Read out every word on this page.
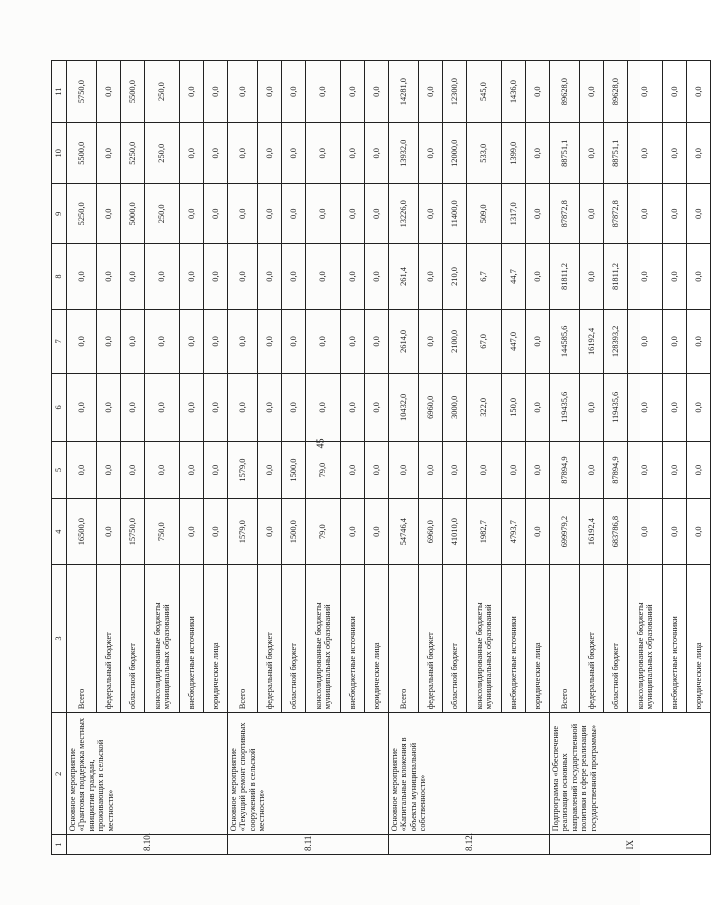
45
1	2	3	4	5	6	7	8	9	10	11
8.10.	Основное мероприятие «Грантовая поддержка местных инициатив граждан, проживающих в сельской местности»	Всего	16500,0	0,0	0,0	0,0	0,0	5250,0	5500,0	5750,0
		федеральный бюджет	0,0	0,0	0,0	0,0	0,0	0,0	0,0	0,0
		областной бюджет	15750,0	0,0	0,0	0,0	0,0	5000,0	5250,0	5500,0
		консолидированные бюджеты муниципальных образований	750,0	0,0	0,0	0,0	0,0	250,0	250,0	250,0
		внебюджетные источники	0,0	0,0	0,0	0,0	0,0	0,0	0,0	0,0
		юридические лица	0,0	0,0	0,0	0,0	0,0	0,0	0,0	0,0
8.11.	Основное мероприятие «Текущий ремонт спортивных сооружений в сельской местности»	Всего	1579,0	1579,0	0,0	0,0	0,0	0,0	0,0	0,0
		федеральный бюджет	0,0	0,0	0,0	0,0	0,0	0,0	0,0	0,0
		областной бюджет	1500,0	1500,0	0,0	0,0	0,0	0,0	0,0	0,0
		консолидированные бюджеты муниципальных образований	79,0	79,0	0,0	0,0	0,0	0,0	0,0	0,0
		внебюджетные источники	0,0	0,0	0,0	0,0	0,0	0,0	0,0	0,0
		юридические лица	0,0	0,0	0,0	0,0	0,0	0,0	0,0	0,0
8.12.	Основное мероприятие «Капитальные вложения в объекты муниципальной собственности»	Всего	54746,4	0,0	10432,0	2614,0	261,4	13226,0	13932,0	14281,0
		федеральный бюджет	6960,0	0,0	6960,0	0,0	0,0	0,0	0,0	0,0
		областной бюджет	41010,0	0,0	3000,0	2100,0	210,0	11400,0	12000,0	12300,0
		консолидированные бюджеты муниципальных образований	1982,7	0,0	322,0	67,0	6,7	509,0	533,0	545,0
		внебюджетные источники	4793,7	0,0	150,0	447,0	44,7	1317,0	1399,0	1436,0
		юридические лица	0,0	0,0	0,0	0,0	0,0	0,0	0,0	0,0
IX	Подпрограмма «Обеспечение реализации основных направлений государственной политики в сфере реализации государственной программы»	Всего	699979,2	87894,9	119435,6	144585,6	81811,2	87872,8	88751,1	89628,0
		федеральный бюджет	16192,4	0,0	0,0	16192,4	0,0	0,0	0,0	0,0
		областной бюджет	683786,8	87894,9	119435,6	128393,2	81811,2	87872,8	88751,1	89628,0
		консолидированные бюджеты муниципальных образований	0,0	0,0	0,0	0,0	0,0	0,0	0,0	0,0
		внебюджетные источники	0,0	0,0	0,0	0,0	0,0	0,0	0,0	0,0
		юридические лица	0,0	0,0	0,0	0,0	0,0	0,0	0,0	0,0
